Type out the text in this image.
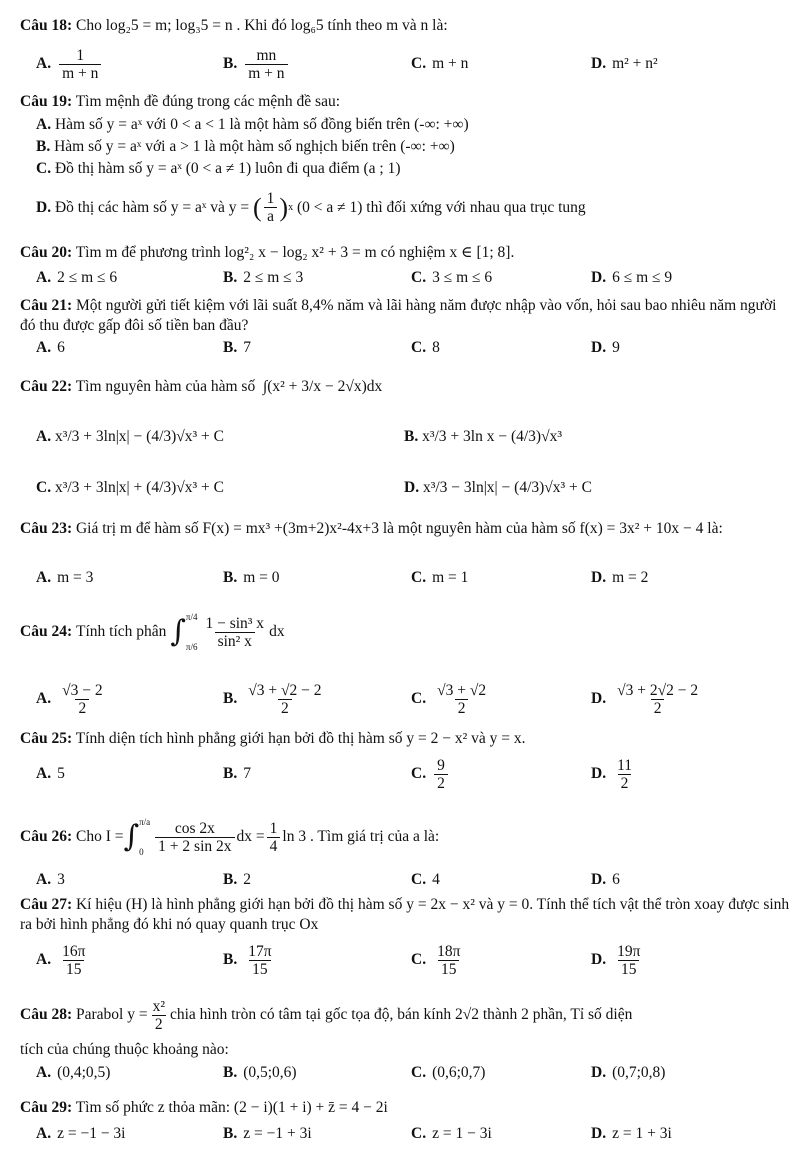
Câu 18: Cho log₂5 = m; log₃5 = n . Khi đó log₆5 tính theo m và n là:
A. $\frac{1}{m + n}$	B. $\frac{mn}{m + n}$	C. m + n	D. m² + n²
Câu 19: Tìm mệnh đề đúng trong các mệnh đề sau:
A. Hàm số y = aˣ với 0 < a < 1 là một hàm số đồng biến trên (-∞: +∞)
B. Hàm số y = aˣ với a > 1 là một hàm số nghịch biến trên (-∞: +∞)
C. Đồ thị hàm số y = aˣ (0 < a ≠ 1) luôn đi qua điểm (a ; 1)
D.
Đồ thị các hàm số y = aˣ và y =
( $\frac{1}{a}$ ) x
(0 < a ≠ 1) thì đối xứng với nhau qua trục tung
Câu 20: Tìm m để phương trình log²₂ x − log₂ x² + 3 = m có nghiệm x ∈ [1; 8].
A. 2 ≤ m ≤ 6	B. 2 ≤ m ≤ 3	C. 3 ≤ m ≤ 6	D. 6 ≤ m ≤ 9
Câu 21: Một người gửi tiết kiệm với lãi suất 8,4% năm và lãi hàng năm được nhập vào vốn, hỏi sau bao nhiêu năm người đó thu được gấp đôi số tiền ban đầu?
A. 6	B. 7	C. 8	D. 9
Câu 22: Tìm nguyên hàm của hàm số ∫(x² + 3/x − 2√x)dx
A. x³/3 + 3ln|x| − (4/3)√x³ + C	B. x³/3 + 3ln x − (4/3)√x³
C. x³/3 + 3ln|x| + (4/3)√x³ + C	D. x³/3 − 3ln|x| − (4/3)√x³ + C
Câu 23: Giá trị m để hàm số F(x) = mx³ +(3m+2)x²-4x+3 là một nguyên hàm của hàm số f(x) = 3x² + 10x − 4 là:
A. m = 3	B. m = 0	C. m = 1	D. m = 2
Câu 24:
Tính tích phân
∫ π/4
$\pi/6 \frac{\text{1 − sin³ x}}{\text{sin² x}}$ dx
A. $\frac{√3 - 2}{2}$	B. $\frac{√3 + √2 - 2}{2}$	C. $\frac{√3 + √2}{2}$	D. $\frac{√3 + 2√2 - 2}{2}$
Câu 25: Tính diện tích hình phẳng giới hạn bởi đồ thị hàm số y = 2 − x² và y = x.
A. 5	B. 7	C. $\frac{9}{2}$	D. $\frac{11}{2}$
Câu 26:
Cho I = ∫ π/a
$0 \frac{\cos 2x}{1 + 2 \sin 2x}$ dx = $\frac{1}{4}$ ln 3 . Tìm giá trị của a là:
A. 3	B. 2	C. 4	D. 6
Câu 27: Kí hiệu (H) là hình phẳng giới hạn bởi đồ thị hàm số y = 2x − x² và y = 0. Tính thể tích vật thể tròn xoay được sinh ra bởi hình phẳng đó khi nó quay quanh trục Ox
A. $\frac{16\pi}{15}$	B. $\frac{17\pi}{15}$	C. $\frac{18\pi}{15}$	D. $\frac{19\pi}{15}$
Câu 28:
Parabol $y = \frac{\text{x²}}{2}$ chia hình tròn có tâm tại gốc tọa độ, bán kính 2√2 thành 2 phần, Tỉ số diện
tích của chúng thuộc khoảng nào:
A. (0,4;0,5)	B. (0,5;0,6)	C. (0,6;0,7)	D. (0,7;0,8)
Câu 29: Tìm số phức z thỏa mãn: (2 − i)(1 + i) + z̄ = 4 − 2i
A. z = −1 − 3i	B. z = −1 + 3i	C. z = 1 − 3i	D. z = 1 + 3i
